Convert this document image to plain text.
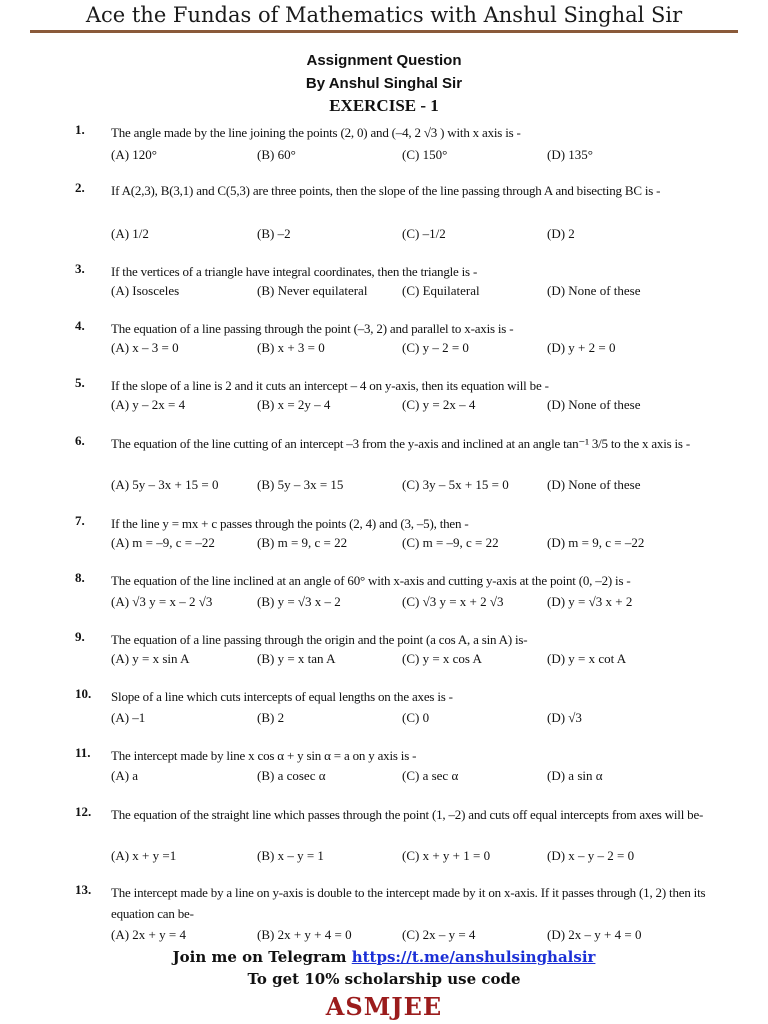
Ace the Fundas of Mathematics with Anshul Singhal Sir
Assignment Question
By Anshul Singhal Sir
EXERCISE - 1
1.	The angle made by the line joining the points (2, 0) and (–4, 2 √3 ) with x axis is -
(A) 120°	(B) 60°	(C) 150°	(D) 135°
2.	If A(2,3), B(3,1) and C(5,3) are three points, then the slope of the line passing through A and bisecting BC is -
(A) 1/2	(B) –2	(C) –1/2	(D) 2
3.	If the vertices of a triangle have integral coordinates, then the triangle is -
(A) Isosceles	(B) Never equilateral	(C) Equilateral	(D) None of these
4.	The equation of a line passing through the point (–3, 2) and parallel to x-axis is -
(A) x – 3 = 0	(B) x + 3 = 0	(C) y – 2 = 0	(D) y + 2 = 0
5.	If the slope of a line is 2 and it cuts an intercept – 4 on y-axis, then its equation will be -
(A) y – 2x = 4	(B) x = 2y – 4	(C) y = 2x – 4	(D) None of these
6.	The equation of the line cutting of an intercept –3 from the y-axis and inclined at an angle tan⁻¹ 3/5 to the x axis is -
(A) 5y – 3x + 15 = 0	(B) 5y – 3x = 15	(C) 3y – 5x + 15 = 0	(D) None of these
7.	If the line y = mx + c passes through the points (2, 4) and (3, –5), then -
(A) m = –9, c = –22	(B) m = 9, c = 22	(C) m = –9, c = 22	(D) m = 9, c = –22
8.	The equation of the line inclined at an angle of 60° with x-axis and cutting y-axis at the point (0, –2) is -
(A) √3 y = x – 2 √3	(B) y = √3 x – 2	(C) √3 y = x + 2 √3	(D) y = √3 x + 2
9.	The equation of a line passing through the origin and the point (a cos A, a sin A) is-
(A) y = x sin A	(B) y = x tan A	(C) y = x cos A	(D) y = x cot A
10.	Slope of a line which cuts intercepts of equal lengths on the axes is -
(A) –1	(B) 2	(C) 0	(D) √3
11.	The intercept made by line x cos α + y sin α = a on y axis is -
(A) a	(B) a cosec α	(C) a sec α	(D) a sin α
12.	The equation of the straight line which passes through the point (1, –2) and cuts off equal intercepts from axes will be-
(A) x + y =1	(B) x – y = 1	(C) x + y + 1 = 0	(D) x – y – 2 = 0
13.	The intercept made by a line on y-axis is double to the intercept made by it on x-axis. If it passes through (1, 2) then its equation can be-
(A) 2x + y = 4	(B) 2x + y + 4 = 0	(C) 2x – y = 4	(D) 2x – y + 4 = 0
Join me on Telegram https://t.me/anshulsinghalsir
To get 10% scholarship use code
ASMJEE
